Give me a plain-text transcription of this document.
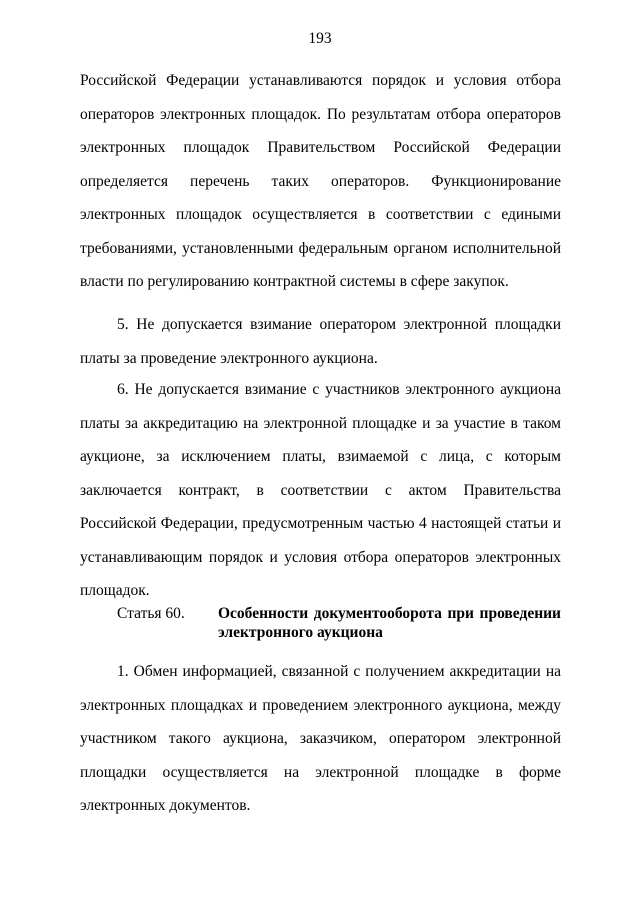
193

Российской Федерации устанавливаются порядок и условия отбора операторов электронных площадок. По результатам отбора операторов электронных площадок Правительством Российской Федерации определяется перечень таких операторов. Функционирование электронных площадок осуществляется в соответствии с едиными требованиями, установленными федеральным органом исполнительной власти по регулированию контрактной системы в сфере закупок.

5. Не допускается взимание оператором электронной площадки платы за проведение электронного аукциона.

6. Не допускается взимание с участников электронного аукциона платы за аккредитацию на электронной площадке и за участие в таком аукционе, за исключением платы, взимаемой с лица, с которым заключается контракт, в соответствии с актом Правительства Российской Федерации, предусмотренным частью 4 настоящей статьи и устанавливающим порядок и условия отбора операторов электронных площадок.

Статья 60.	Особенности документооборота при проведении электронного аукциона

1. Обмен информацией, связанной с получением аккредитации на электронных площадках и проведением электронного аукциона, между участником такого аукциона, заказчиком, оператором электронной площадки осуществляется на электронной площадке в форме электронных документов.
